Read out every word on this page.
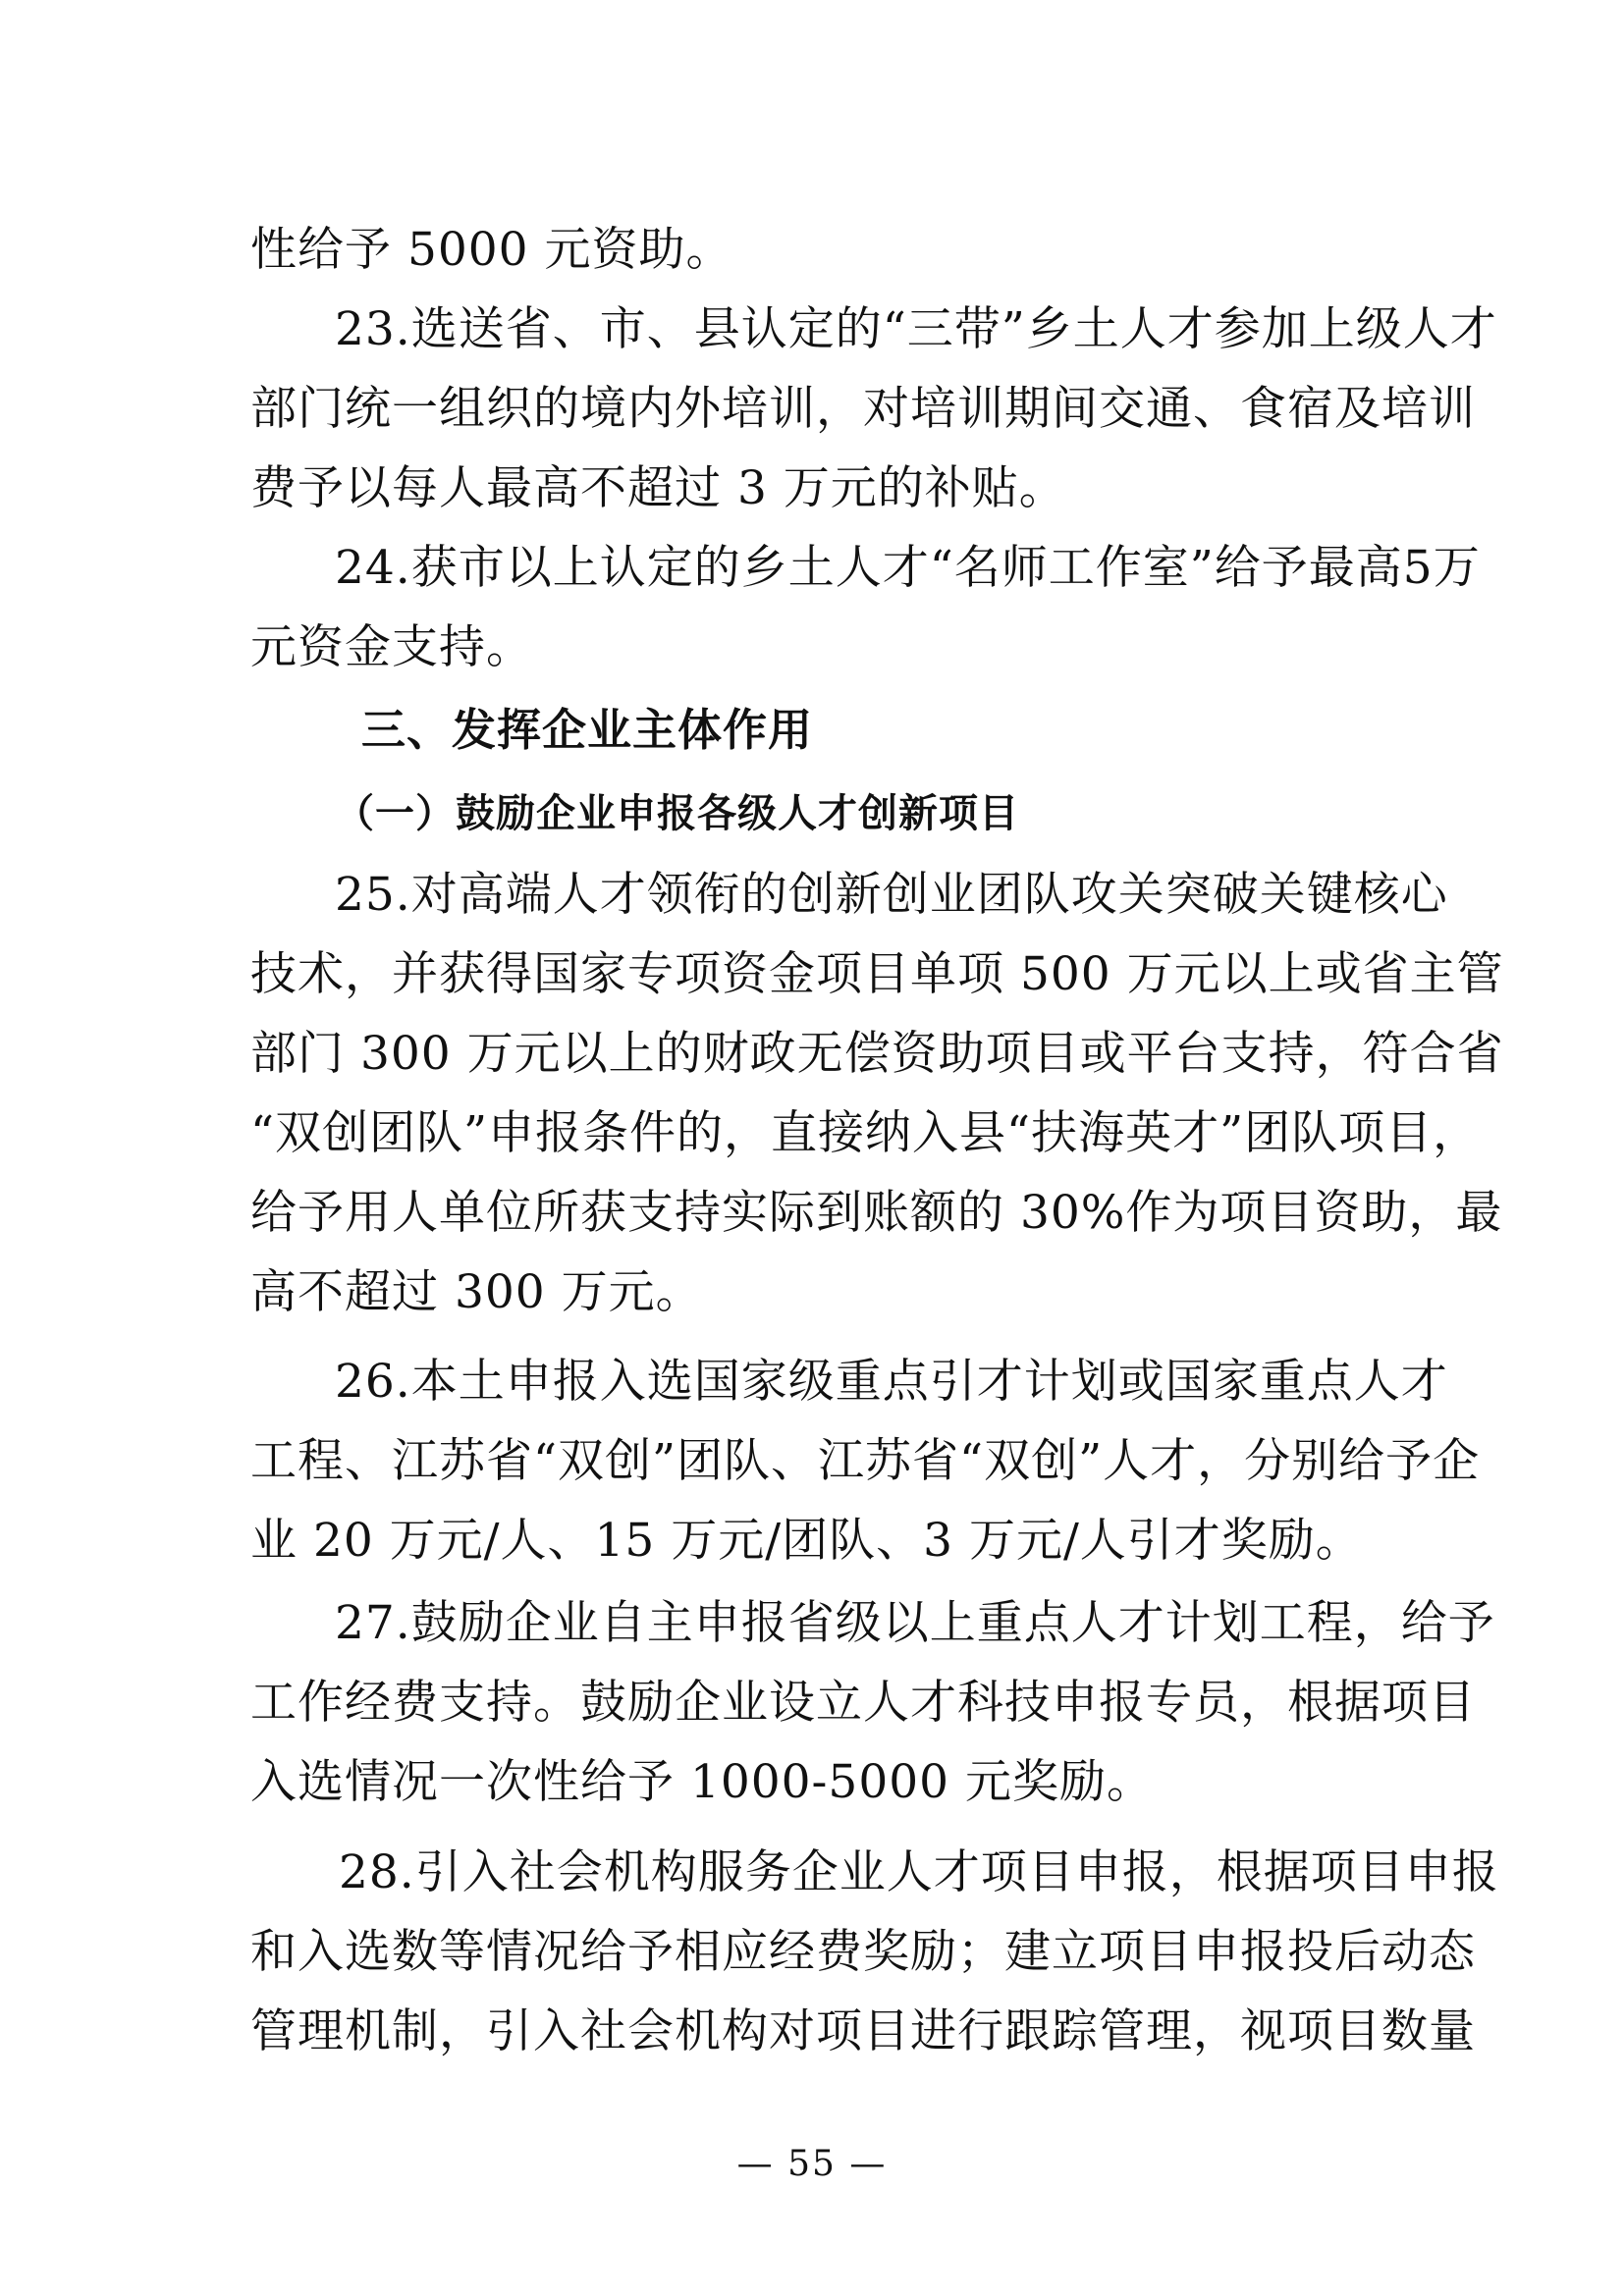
性给予 5000 元资助。
23.选送省、市、县认定的“三带”乡土人才参加上级人才
部门统一组织的境内外培训，对培训期间交通、食宿及培训
费予以每人最高不超过 3 万元的补贴。
24.获市以上认定的乡土人才“名师工作室”给予最高5万
元资金支持。
三、发挥企业主体作用
（一）鼓励企业申报各级人才创新项目
25.对高端人才领衔的创新创业团队攻关突破关键核心
技术，并获得国家专项资金项目单项 500 万元以上或省主管
部门 300 万元以上的财政无偿资助项目或平台支持，符合省
“双创团队”申报条件的，直接纳入县“扶海英才”团队项目，
给予用人单位所获支持实际到账额的 30%作为项目资助，最
高不超过 300 万元。
26.本土申报入选国家级重点引才计划或国家重点人才
工程、江苏省“双创”团队、江苏省“双创”人才，分别给予企
业 20 万元/人、15 万元/团队、3 万元/人引才奖励。
27.鼓励企业自主申报省级以上重点人才计划工程，给予
工作经费支持。鼓励企业设立人才科技申报专员，根据项目
入选情况一次性给予 1000-5000 元奖励。
28.引入社会机构服务企业人才项目申报，根据项目申报
和入选数等情况给予相应经费奖励；建立项目申报投后动态
管理机制，引入社会机构对项目进行跟踪管理，视项目数量
— 55 —
